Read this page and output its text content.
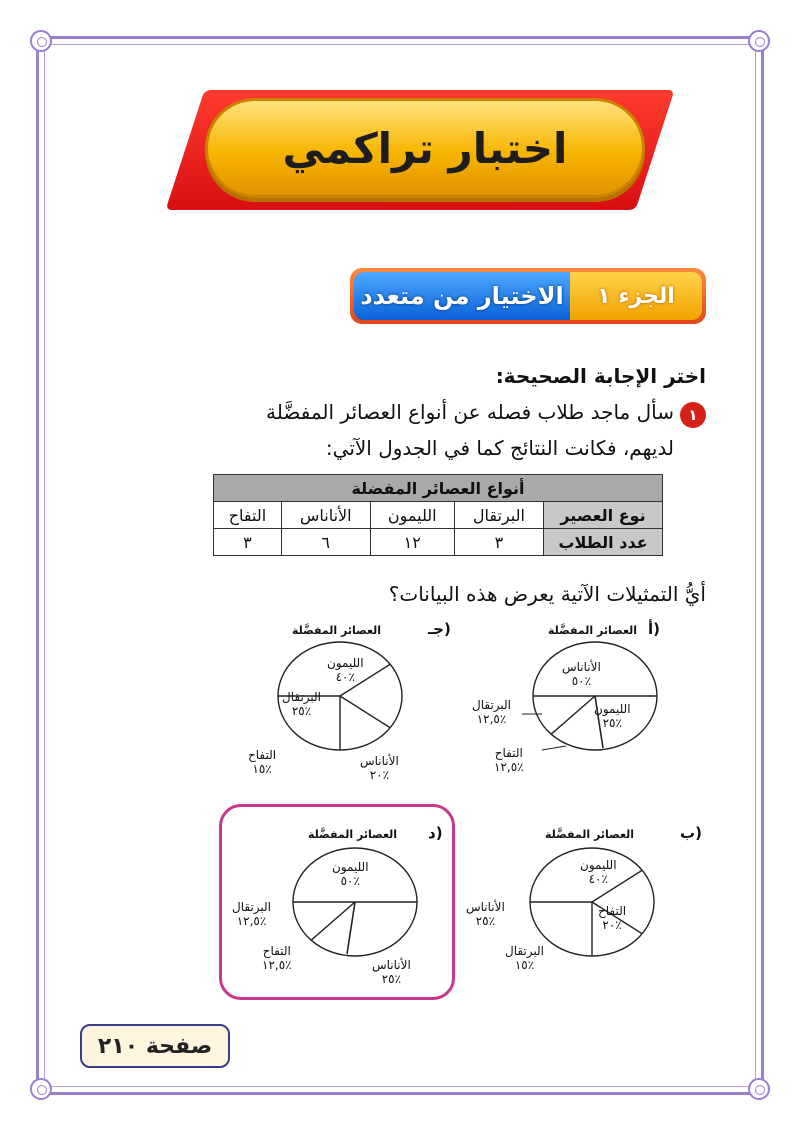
اختبار تراكمي
الجزء ١
الاختيار من متعدد
اختر الإجابة الصحيحة:
١
سأل ماجد طلاب فصله عن أنواع العصائر المفضَّلة
لديهم، فكانت النتائج كما في الجدول الآتي:
أنواع العصائر المفضلة				
نوع العصير	البرتقال	الليمون	الأناناس	التفاح
عدد الطلاب	٣	١٢	٦	٣
أيُّ التمثيلات الآتية يعرض هذه البيانات؟
أ)
العصائر المفضَّلة
الأناناس
٪٥٠
الليمون
٪٢٥
البرتقال
٪١٢,٥
التفاح
٪١٢,٥
جـ)
العصائر المفضَّلة
الليمون
٪٤٠
البرتقال
٪٢٥
التفاح
٪١٥
الأناناس
٪٢٠
ب)
العصائر المفضَّلة
الليمون
٪٤٠
التفاح
٪٢٠
الأناناس
٪٢٥
البرتقال
٪١٥
د)
العصائر المفضَّلة
الليمون
٪٥٠
البرتقال
٪١٢,٥
التفاح
٪١٢,٥	الأناناس
٪٢٥
صفحة ٢١٠
